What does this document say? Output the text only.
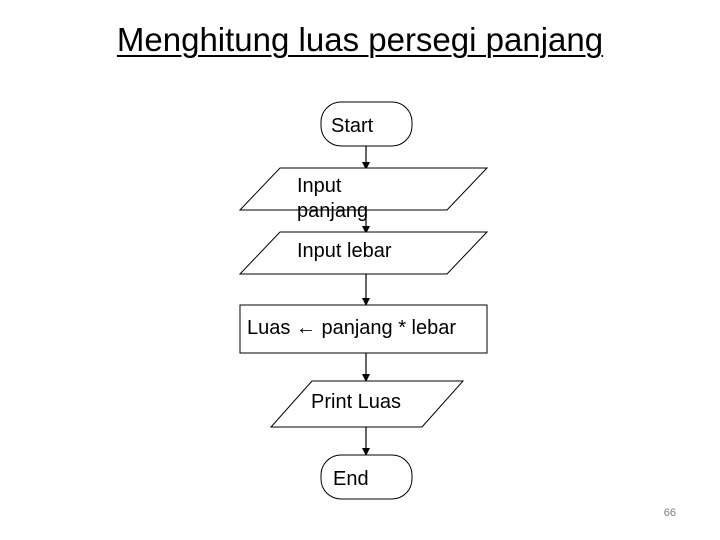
Menghitung luas persegi panjang
Start
Input panjang
Input lebar
Luas ← panjang * lebar
Print Luas
End
66
